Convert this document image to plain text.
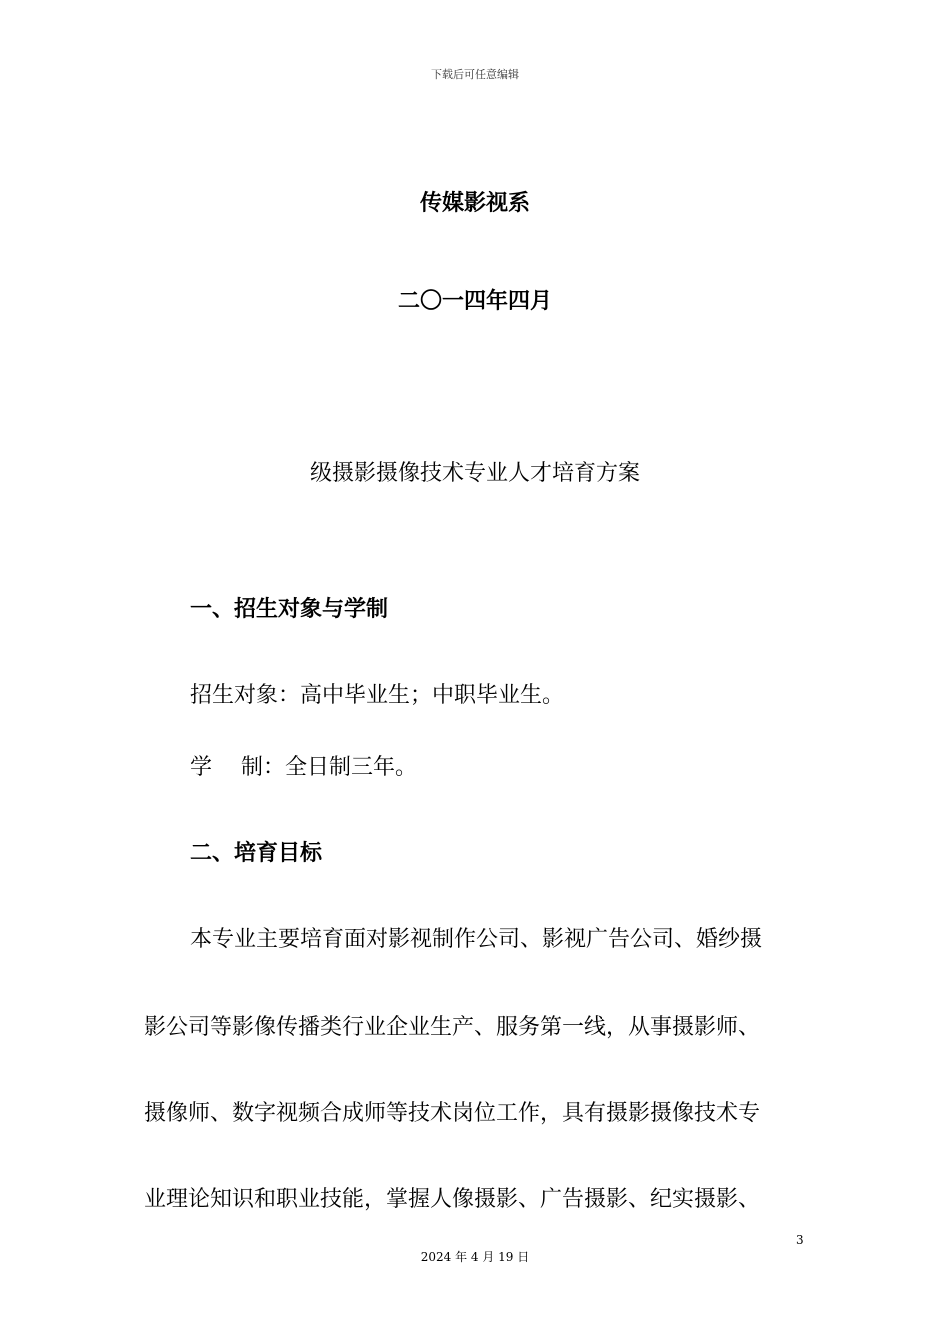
下载后可任意编辑
传媒影视系
二〇一四年四月
级摄影摄像技术专业人才培育方案
一、招生对象与学制
招生对象：高中毕业生；中职毕业生。
学　 制：全日制三年。
二、培育目标
本专业主要培育面对影视制作公司、影视广告公司、婚纱摄
影公司等影像传播类行业企业生产、服务第一线，从事摄影师、
摄像师、数字视频合成师等技术岗位工作，具有摄影摄像技术专
业理论知识和职业技能，掌握人像摄影、广告摄影、纪实摄影、
3
2024 年 4 月 19 日
